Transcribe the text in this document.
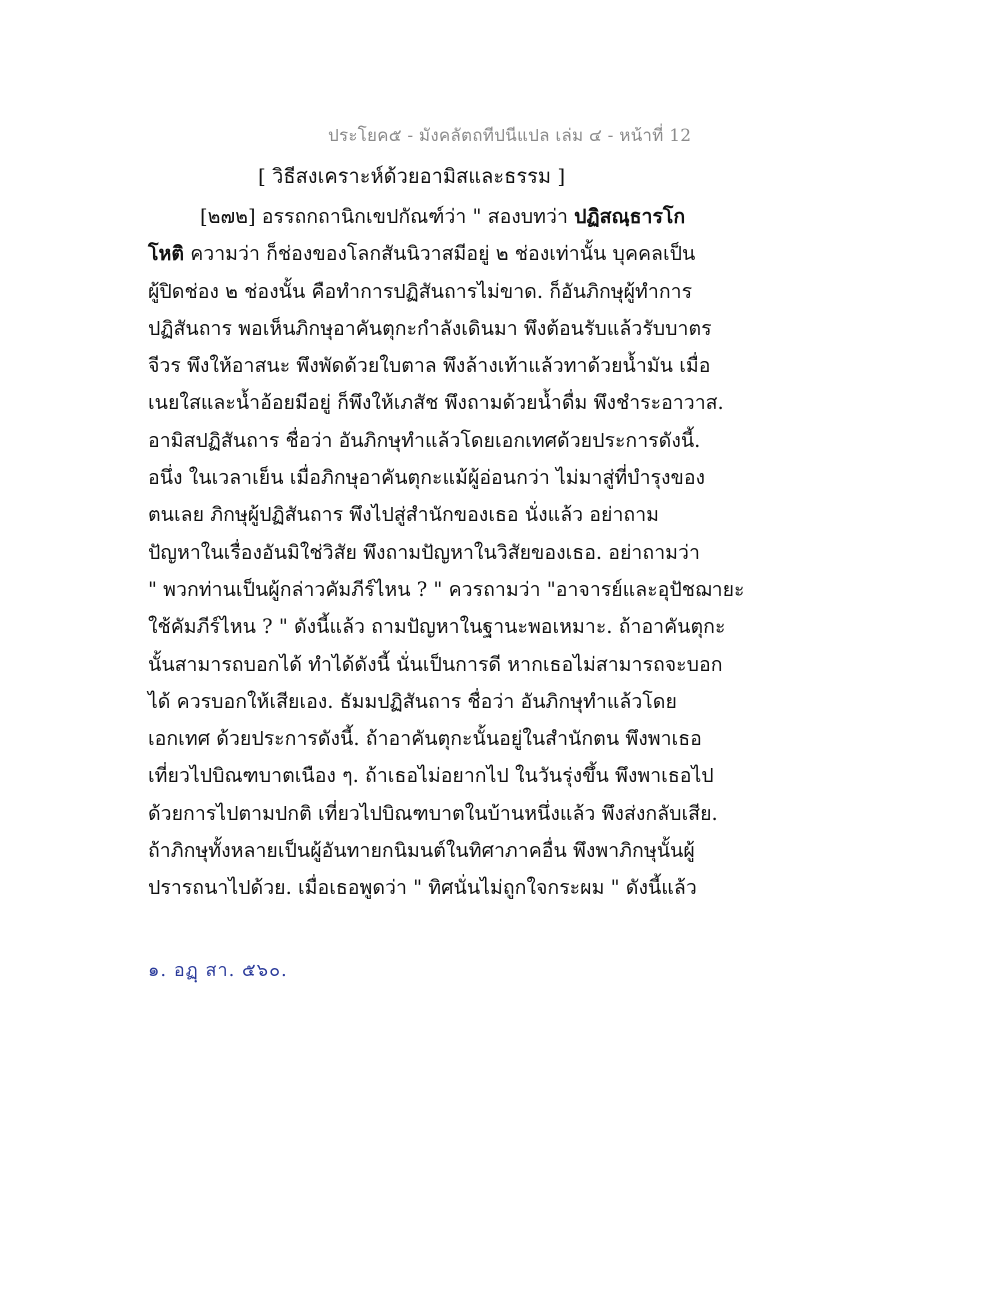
ประโยค๕ - มังคลัตถทีปนีแปล เล่ม ๔ - หน้าที่ 12
[ วิธีสงเคราะห์ด้วยอามิสและธรรม ]
[๒๗๒] อรรถกถานิกเขปกัณฑ์ว่า " สองบทว่า ปฏิสณฺธารโก
โหติ ความว่า ก็ช่องของโลกสันนิวาสมีอยู่ ๒ ช่องเท่านั้น บุคคลเป็น
ผู้ปิดช่อง ๒ ช่องนั้น คือทำการปฏิสันถารไม่ขาด. ก็อันภิกษุผู้ทำการ
ปฏิสันถาร พอเห็นภิกษุอาคันตุกะกำลังเดินมา พึงต้อนรับแล้วรับบาตร
จีวร พึงให้อาสนะ พึงพัดด้วยใบตาล พึงล้างเท้าแล้วทาด้วยน้ำมัน เมื่อ
เนยใสและน้ำอ้อยมีอยู่ ก็พึงให้เภสัช พึงถามด้วยน้ำดื่ม พึงชำระอาวาส.
อามิสปฏิสันถาร ชื่อว่า อันภิกษุทำแล้วโดยเอกเทศด้วยประการดังนี้.
อนึ่ง ในเวลาเย็น เมื่อภิกษุอาคันตุกะแม้ผู้อ่อนกว่า ไม่มาสู่ที่บำรุงของ
ตนเลย ภิกษุผู้ปฏิสันถาร พึงไปสู่สำนักของเธอ นั่งแล้ว อย่าถาม
ปัญหาในเรื่องอันมิใช่วิสัย พึงถามปัญหาในวิสัยของเธอ. อย่าถามว่า
" พวกท่านเป็นผู้กล่าวคัมภีร์ไหน ? " ควรถามว่า "อาจารย์และอุปัชฌายะ
ใช้คัมภีร์ไหน ? " ดังนี้แล้ว ถามปัญหาในฐานะพอเหมาะ. ถ้าอาคันตุกะ
นั้นสามารถบอกได้ ทำได้ดังนี้ นั่นเป็นการดี หากเธอไม่สามารถจะบอก
ได้ ควรบอกให้เสียเอง. ธัมมปฏิสันถาร ชื่อว่า อันภิกษุทำแล้วโดย
เอกเทศ ด้วยประการดังนี้. ถ้าอาคันตุกะนั้นอยู่ในสำนักตน พึงพาเธอ
เที่ยวไปบิณฑบาตเนือง ๆ. ถ้าเธอไม่อยากไป ในวันรุ่งขึ้น พึงพาเธอไป
ด้วยการไปตามปกติ เที่ยวไปบิณฑบาตในบ้านหนึ่งแล้ว พึงส่งกลับเสีย.
ถ้าภิกษุทั้งหลายเป็นผู้อันทายกนิมนต์ในทิศาภาคอื่น พึงพาภิกษุนั้นผู้
ปรารถนาไปด้วย. เมื่อเธอพูดว่า " ทิศนั่นไม่ถูกใจกระผม " ดังนี้แล้ว
๑. อฏฺ สา. ๕๖๐.
